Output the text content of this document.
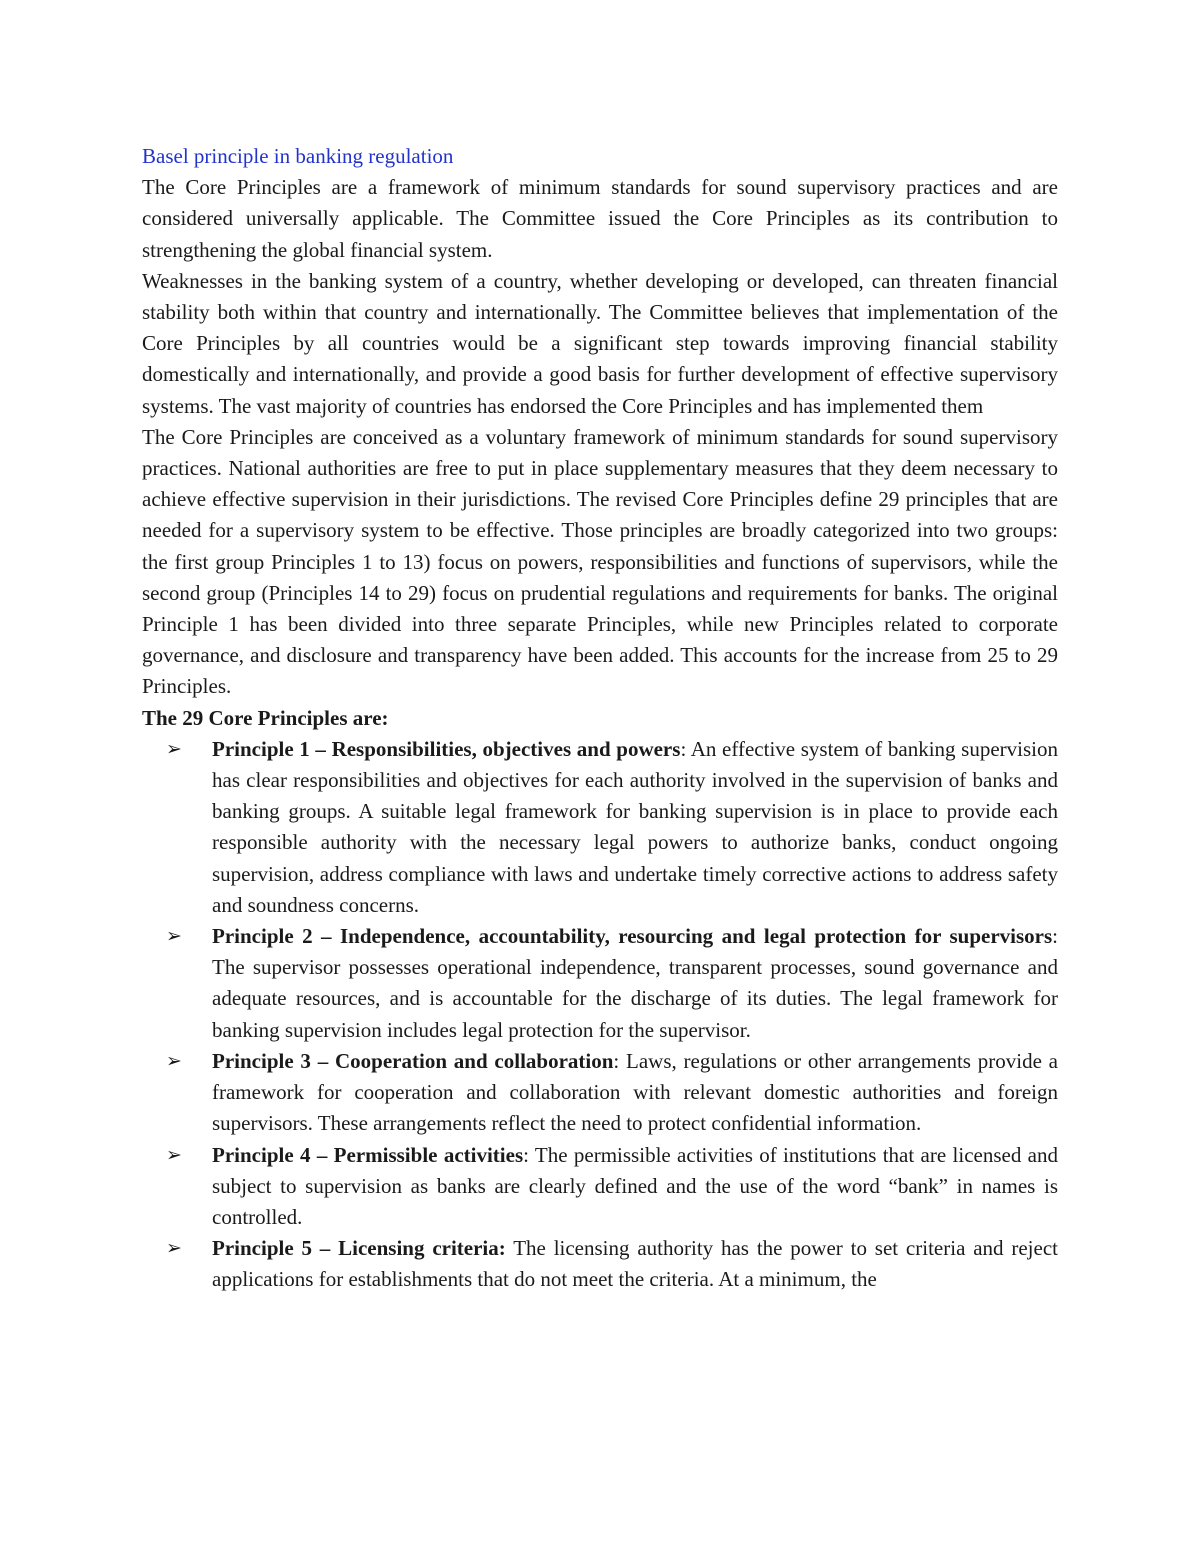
Basel principle in banking regulation

The Core Principles are a framework of minimum standards for sound supervisory practices and are considered universally applicable. The Committee issued the Core Principles as its contribution to strengthening the global financial system.

Weaknesses in the banking system of a country, whether developing or developed, can threaten financial stability both within that country and internationally. The Committee believes that implementation of the Core Principles by all countries would be a significant step towards improving financial stability domestically and internationally, and provide a good basis for further development of effective supervisory systems. The vast majority of countries has endorsed the Core Principles and has implemented them

The Core Principles are conceived as a voluntary framework of minimum standards for sound supervisory practices. National authorities are free to put in place supplementary measures that they deem necessary to achieve effective supervision in their jurisdictions. The revised Core Principles define 29 principles that are needed for a supervisory system to be effective. Those principles are broadly categorized into two groups: the first group Principles 1 to 13) focus on powers, responsibilities and functions of supervisors, while the second group (Principles 14 to 29) focus on prudential regulations and requirements for banks. The original Principle 1 has been divided into three separate Principles, while new Principles related to corporate governance, and disclosure and transparency have been added. This accounts for the increase from 25 to 29 Principles.

The 29 Core Principles are:

➢ Principle 1 – Responsibilities, objectives and powers: An effective system of banking supervision has clear responsibilities and objectives for each authority involved in the supervision of banks and banking groups. A suitable legal framework for banking supervision is in place to provide each responsible authority with the necessary legal powers to authorize banks, conduct ongoing supervision, address compliance with laws and undertake timely corrective actions to address safety and soundness concerns.
➢ Principle 2 – Independence, accountability, resourcing and legal protection for supervisors: The supervisor possesses operational independence, transparent processes, sound governance and adequate resources, and is accountable for the discharge of its duties. The legal framework for banking supervision includes legal protection for the supervisor.
➢ Principle 3 – Cooperation and collaboration: Laws, regulations or other arrangements provide a framework for cooperation and collaboration with relevant domestic authorities and foreign supervisors. These arrangements reflect the need to protect confidential information.
➢ Principle 4 – Permissible activities: The permissible activities of institutions that are licensed and subject to supervision as banks are clearly defined and the use of the word “bank” in names is controlled.
➢ Principle 5 – Licensing criteria: The licensing authority has the power to set criteria and reject applications for establishments that do not meet the criteria. At a minimum, the
